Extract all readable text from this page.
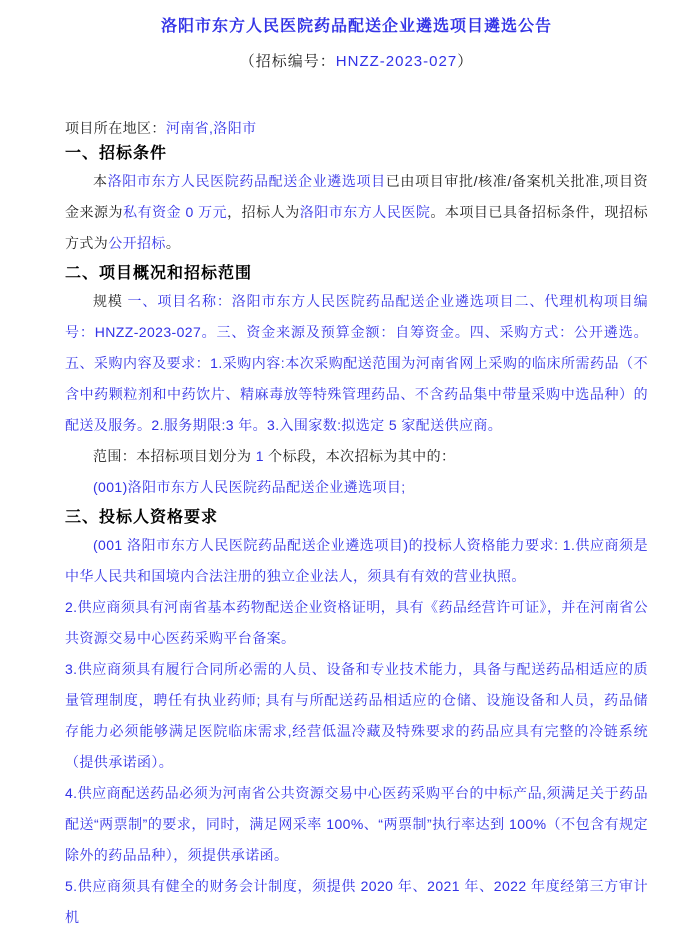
洛阳市东方人民医院药品配送企业遴选项目遴选公告
（招标编号：HNZZ-2023-027）

项目所在地区：河南省,洛阳市

一、招标条件

本洛阳市东方人民医院药品配送企业遴选项目已由项目审批/核准/备案机关批准,项目资金来源为私有资金 0 万元，招标人为洛阳市东方人民医院。本项目已具备招标条件，现招标方式为公开招标。

二、项目概况和招标范围

规模 一、项目名称：洛阳市东方人民医院药品配送企业遴选项目二、代理机构项目编号：HNZZ-2023-027。三、资金来源及预算金额：自筹资金。四、采购方式：公开遴选。五、采购内容及要求：1.采购内容:本次采购配送范围为河南省网上采购的临床所需药品（不含中药颗粒剂和中药饮片、精麻毒放等特殊管理药品、不含药品集中带量采购中选品种）的配送及服务。2.服务期限:3 年。3.入围家数:拟选定 5 家配送供应商。

范围：本招标项目划分为 1 个标段，本次招标为其中的：

(001)洛阳市东方人民医院药品配送企业遴选项目;

三、投标人资格要求

(001 洛阳市东方人民医院药品配送企业遴选项目)的投标人资格能力要求: 1.供应商须是中华人民共和国境内合法注册的独立企业法人，须具有有效的营业执照。

2.供应商须具有河南省基本药物配送企业资格证明，具有《药品经营许可证》，并在河南省公共资源交易中心医药采购平台备案。

3.供应商须具有履行合同所必需的人员、设备和专业技术能力，具备与配送药品相适应的质量管理制度，聘任有执业药师; 具有与所配送药品相适应的仓储、设施设备和人员，药品储存能力必须能够满足医院临床需求,经营低温冷藏及特殊要求的药品应具有完整的冷链系统（提供承诺函）。

4.供应商配送药品必须为河南省公共资源交易中心医药采购平台的中标产品,须满足关于药品配送“两票制”的要求，同时，满足网采率 100%、“两票制”执行率达到 100%（不包含有规定除外的药品品种），须提供承诺函。

5.供应商须具有健全的财务会计制度，须提供 2020 年、2021 年、2022 年度经第三方审计机
